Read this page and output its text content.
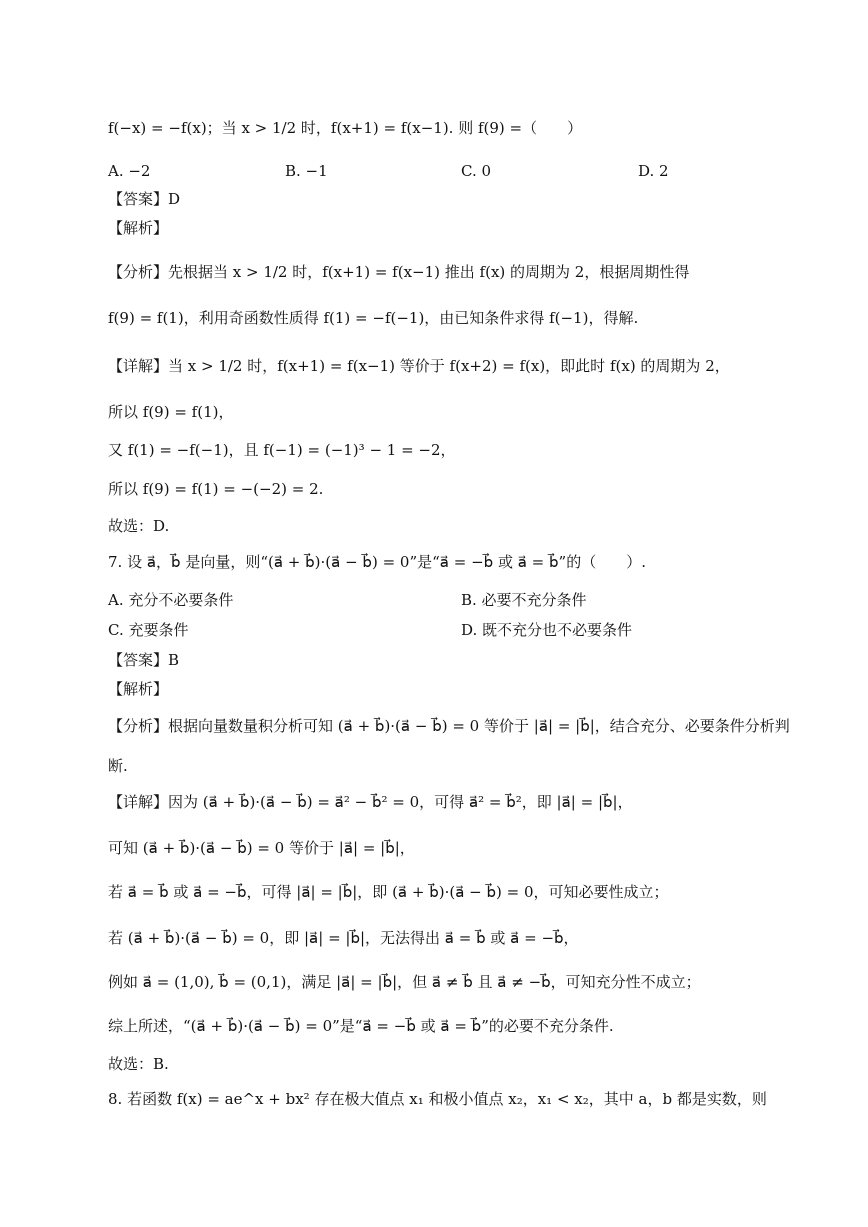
f(−x) = −f(x)；当 x > 1/2 时，f(x+1) = f(x−1). 则 f(9) =（　　）
A. −2	B. −1	C. 0	D. 2
【答案】D
【解析】
【分析】先根据当 x > 1/2 时，f(x+1) = f(x−1) 推出 f(x) 的周期为 2，根据周期性得
f(9) = f(1)，利用奇函数性质得 f(1) = −f(−1)，由已知条件求得 f(−1)，得解.
【详解】当 x > 1/2 时，f(x+1) = f(x−1) 等价于 f(x+2) = f(x)，即此时 f(x) 的周期为 2，
所以 f(9) = f(1)，
又 f(1) = −f(−1)，且 f(−1) = (−1)³ − 1 = −2，
所以 f(9) = f(1) = −(−2) = 2.
故选：D.
7. 设 a⃗，b⃗ 是向量，则“(a⃗ + b⃗)·(a⃗ − b⃗) = 0”是“a⃗ = −b⃗ 或 a⃗ = b⃗”的（　　）.
A. 充分不必要条件	B. 必要不充分条件
C. 充要条件	D. 既不充分也不必要条件
【答案】B
【解析】
【分析】根据向量数量积分析可知 (a⃗ + b⃗)·(a⃗ − b⃗) = 0 等价于 |a⃗| = |b⃗|，结合充分、必要条件分析判
断.
【详解】因为 (a⃗ + b⃗)·(a⃗ − b⃗) = a⃗² − b⃗² = 0，可得 a⃗² = b⃗²，即 |a⃗| = |b⃗|，
可知 (a⃗ + b⃗)·(a⃗ − b⃗) = 0 等价于 |a⃗| = |b⃗|，
若 a⃗ = b⃗ 或 a⃗ = −b⃗，可得 |a⃗| = |b⃗|，即 (a⃗ + b⃗)·(a⃗ − b⃗) = 0，可知必要性成立；
若 (a⃗ + b⃗)·(a⃗ − b⃗) = 0，即 |a⃗| = |b⃗|，无法得出 a⃗ = b⃗ 或 a⃗ = −b⃗，
例如 a⃗ = (1,0), b⃗ = (0,1)，满足 |a⃗| = |b⃗|，但 a⃗ ≠ b⃗ 且 a⃗ ≠ −b⃗，可知充分性不成立；
综上所述，“(a⃗ + b⃗)·(a⃗ − b⃗) = 0”是“a⃗ = −b⃗ 或 a⃗ = b⃗”的必要不充分条件.
故选：B.
8. 若函数 f(x) = ae^x + bx² 存在极大值点 x₁ 和极小值点 x₂，x₁ < x₂，其中 a，b 都是实数，则
